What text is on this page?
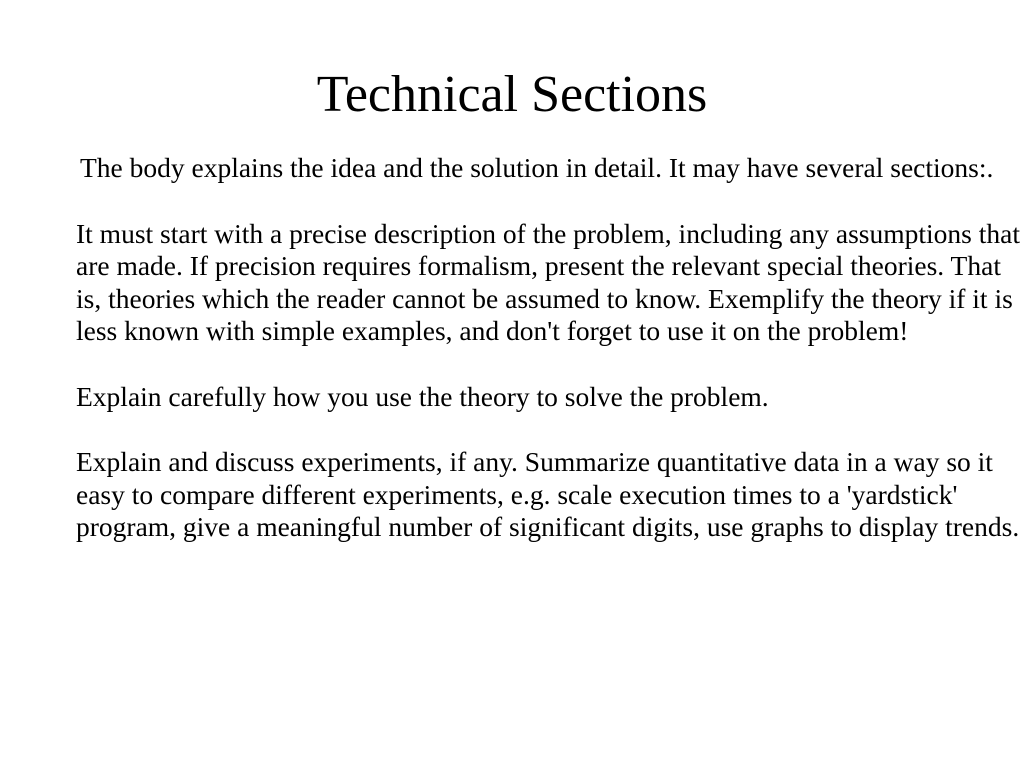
Technical Sections

The body explains the idea and the solution in detail. It may have several sections:.

It must start with a precise description of the problem, including any assumptions that are made. If precision requires formalism, present the relevant special theories. That is, theories which the reader cannot be assumed to know. Exemplify the theory if it is less known with simple examples, and don't forget to use it on the problem!

Explain carefully how you use the theory to solve the problem.

Explain and discuss experiments, if any. Summarize quantitative data in a way so it easy to compare different experiments, e.g. scale execution times to a 'yardstick' program, give a meaningful number of significant digits, use graphs to display trends.
